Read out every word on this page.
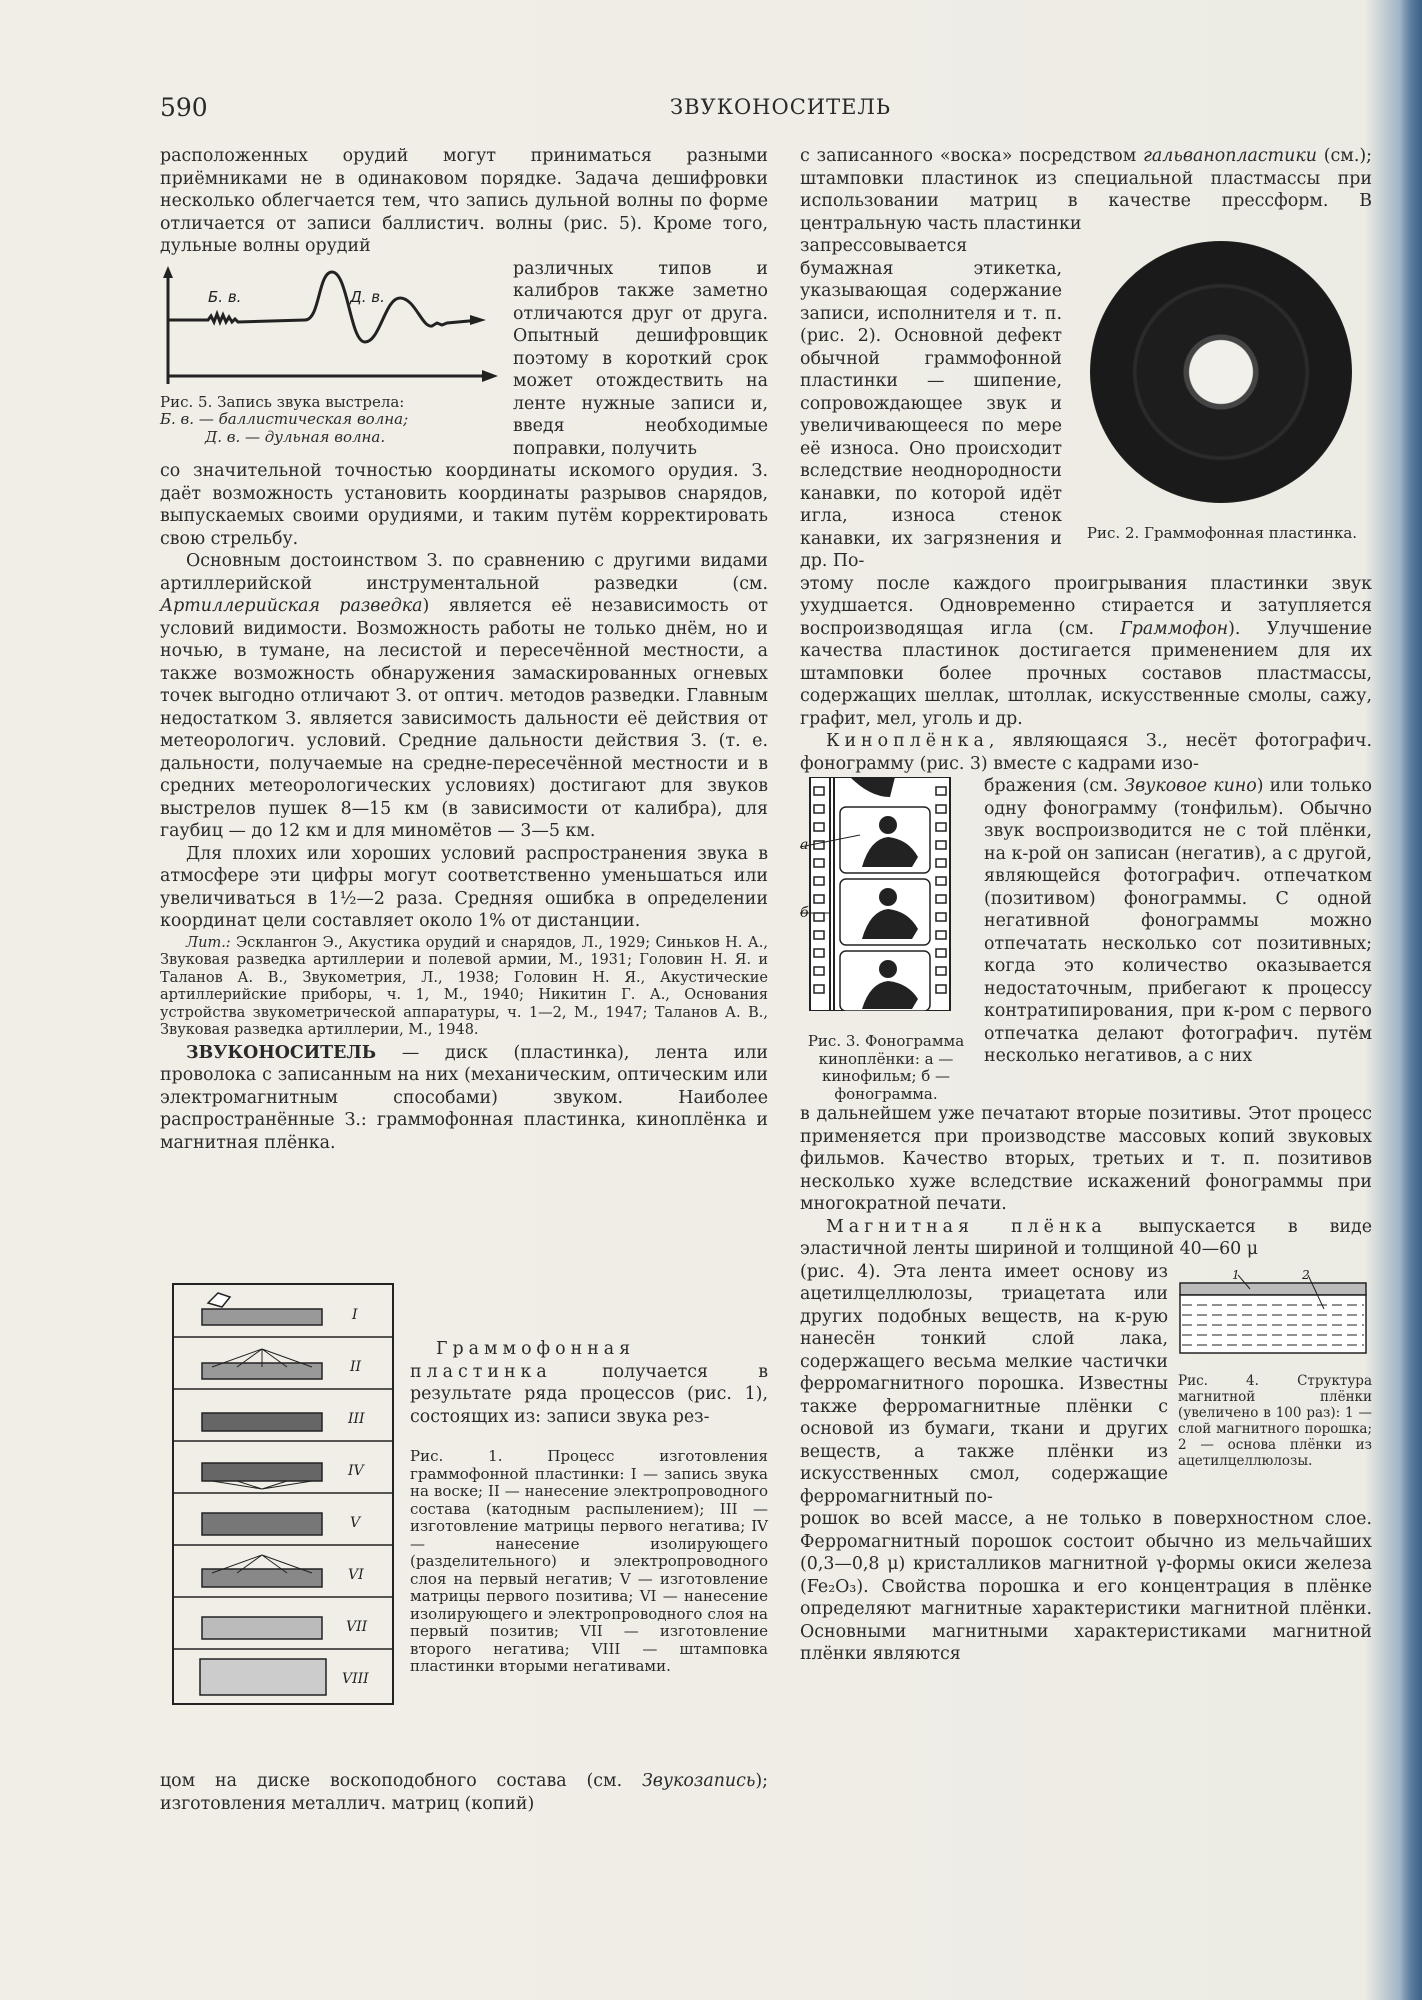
590	ЗВУКОНОСИТЕЛЬ

расположенных орудий могут приниматься разными приёмниками не в одинаковом порядке. Задача дешифровки несколько облегчается тем, что запись дульной волны по форме отличается от записи баллистич. волны (рис. 5). Кроме того, дульные волны орудий

Б. в.	Д. в.
Рис. 5. Запись звука выстрела:
Б. в. — баллистическая волна;
Д. в. — дульная волна.

различных типов и калибров также заметно отличаются друг от друга. Опытный дешифровщик поэтому в короткий срок может отождествить на ленте нужные записи и, введя необходимые поправки, получить

со значительной точностью координаты искомого орудия. З. даёт возможность установить координаты разрывов снарядов, выпускаемых своими орудиями, и таким путём корректировать свою стрельбу.

Основным достоинством З. по сравнению с другими видами артиллерийской инструментальной разведки (см. Артиллерийская разведка) является её независимость от условий видимости. Возможность работы не только днём, но и ночью, в тумане, на лесистой и пересечённой местности, а также возможность обнаружения замаскированных огневых точек выгодно отличают З. от оптич. методов разведки. Главным недостатком З. является зависимость дальности её действия от метеорологич. условий. Средние дальности действия З. (т. е. дальности, получаемые на средне-пересечённой местности и в средних метеорологических условиях) достигают для звуков выстрелов пушек 8—15 км (в зависимости от калибра), для гаубиц — до 12 км и для миномётов — 3—5 км.

Для плохих или хороших условий распространения звука в атмосфере эти цифры могут соответственно уменьшаться или увеличиваться в 1½—2 раза. Средняя ошибка в определении координат цели составляет около 1% от дистанции.

Лит.: Эскланrон Э., Акустика орудий и снарядов, Л., 1929; Синьков Н. А., Звуковая разведка артиллерии и полевой армии, М., 1931; Головин Н. Я. и Таланов А. В., Звукометрия, Л., 1938; Головин Н. Я., Акустические артиллерийские приборы, ч. 1, М., 1940; Никитин Г. А., Основания устройства звукометрической аппаратуры, ч. 1—2, М., 1947; Таланов А. В., Звуковая разведка артиллерии, М., 1948.

ЗВУКОНОСИТЕЛЬ — диск (пластинка), лента или проволока с записанным на них (механическим, оптическим или электромагнитным способами) звуком. Наиболее распространённые З.: граммофонная пластинка, киноплёнка и магнитная плёнка.

I
II
III
IV
V
VI
VII
VIII

Граммофонная пластинка получается в результате ряда процессов (рис. 1), состоящих из: записи звука рез-

Рис. 1. Процесс изготовления граммофонной пластинки: I — запись звука на воске; II — нанесение электропроводного состава (катодным распылением); III — изготовление матрицы первого негатива; IV — нанесение изолирующего (разделительного) и электропроводного слоя на первый негатив; V — изготовление матрицы первого позитива; VI — нанесение изолирующего и электропроводного слоя на первый позитив; VII — изготовление второго негатива; VIII — штамповка пластинки вторыми негативами.

цом на диске воскоподобного состава (см. Звукозапись); изготовления металлич. матриц (копий)

с записанного «воска» посредством гальванопластики (см.); штамповки пластинок из специальной пластмассы при использовании матриц в качестве прессформ. В центральную часть пластинки

Рис. 2. Граммофонная пластинка.

запрессовывается бумажная этикетка, указывающая содержание записи, исполнителя и т. п. (рис. 2). Основной дефект обычной граммофонной пластинки — шипение, сопровождающее звук и увеличивающееся по мере её износа. Оно происходит вследствие неоднородности канавки, по которой идёт игла, износа стенок канавки, их загрязнения и др. По-

этому после каждого проигрывания пластинки звук ухудшается. Одновременно стирается и затупляется воспроизводящая игла (см. Граммофон). Улучшение качества пластинок достигается применением для их штамповки более прочных составов пластмассы, содержащих шеллак, штоллак, искусственные смолы, сажу, графит, мел, уголь и др.

Киноплёнка, являющаяся З., несёт фотографич. фонограмму (рис. 3) вместе с кадрами изо-

а
б
Рис. 3. Фонограмма киноплёнки: а — кинофильм; б — фонограмма.

бражения (см. Звуковое кино) или только одну фонограмму (тонфильм). Обычно звук воспроизводится не с той плёнки, на к-рой он записан (негатив), а с другой, являющейся фотографич. отпечатком (позитивом) фонограммы. С одной негативной фонограммы можно отпечатать несколько сот позитивных; когда это количество оказывается недостаточным, прибегают к процессу контратипирования, при к-ром с первого отпечатка делают фотографич. путём несколько негативов, а с них

в дальнейшем уже печатают вторые позитивы. Этот процесс применяется при производстве массовых копий звуковых фильмов. Качество вторых, третьих и т. п. позитивов несколько хуже вследствие искажений фонограммы при многократной печати.

Магнитная плёнка выпускается в виде эластичной ленты шириной и толщиной 40—60 μ

1	2
Рис. 4. Структура магнитной плёнки (увеличено в 100 раз): 1 — слой магнитного порошка; 2 — основа плёнки из ацетилцеллюлозы.

(рис. 4). Эта лента имеет основу из ацетилцеллюлозы, триацетата или других подобных веществ, на к-рую нанесён тонкий слой лака, содержащего весьма мелкие частички ферромагнитного порошка. Известны также ферромагнитные плёнки с основой из бумаги, ткани и других веществ, а также плёнки из искусственных смол, содержащие ферромагнитный по-

рошок во всей массе, а не только в поверхностном слое. Ферромагнитный порошок состоит обычно из мельчайших (0,3—0,8 μ) кристалликов магнитной γ-формы окиси железа (Fe₂O₃). Свойства порошка и его концентрация в плёнке определяют магнитные характеристики магнитной плёнки. Основными магнитными характеристиками магнитной плёнки являются
